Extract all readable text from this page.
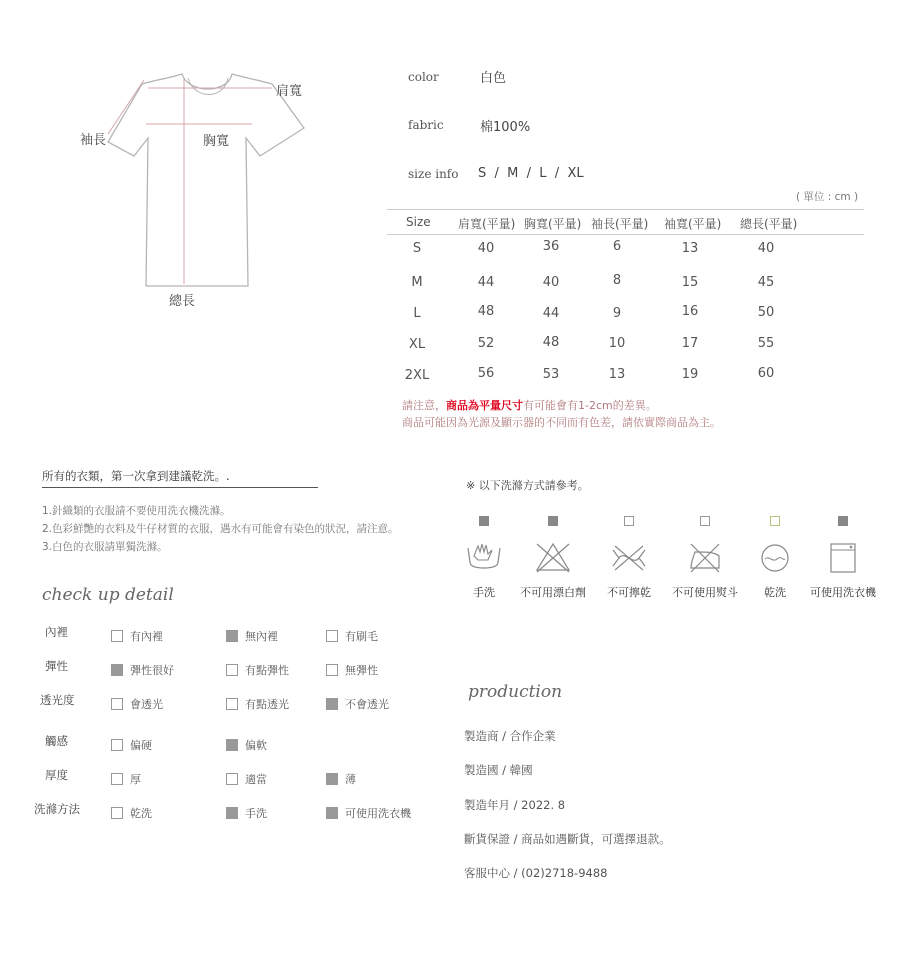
肩寬
袖長	胸寬
總長
color	白色
fabric	棉100%
size info S  /  M  /  L  /  XL
( 單位 : cm )
Size 肩寬(平量) 胸寬(平量) 袖長(平量) 袖寬(平量) 總長(平量)
S	40	36	6	13	40
M	44	40	8	15	45
L	48	44	9	16	50
XL	52	48	10	17	55
2XL	56	53	13	19	60
請注意，商品為平量尺寸有可能會有1-2cm的差異。
商品可能因為光源及顯示器的不同而有色差，請依實際商品為主。
所有的衣類，第一次拿到建議乾洗。.
1.針織類的衣服請不要使用洗衣機洗滌。
2.色彩鮮艷的衣料及牛仔材質的衣服，遇水有可能會有染色的狀況，請注意。
3.白色的衣服請單獨洗滌。
check up detail
內裡	有內裡	無內裡	有刷毛
彈性	彈性很好	有點彈性	無彈性
透光度	會透光	有點透光	不會透光
觸感	偏硬	偏軟
厚度	厚	適當	薄
洗滌方法	乾洗	手洗	可使用洗衣機
※ 以下洗滌方式請參考。
手洗	不可用漂白劑	不可擰乾	不可使用熨斗	乾洗	可使用洗衣機
production
製造商 / 合作企業
製造國 / 韓國
製造年月 / 2022. 8
斷貨保證 / 商品如遇斷貨，可選擇退款。
客服中心 / (02)2718-9488
